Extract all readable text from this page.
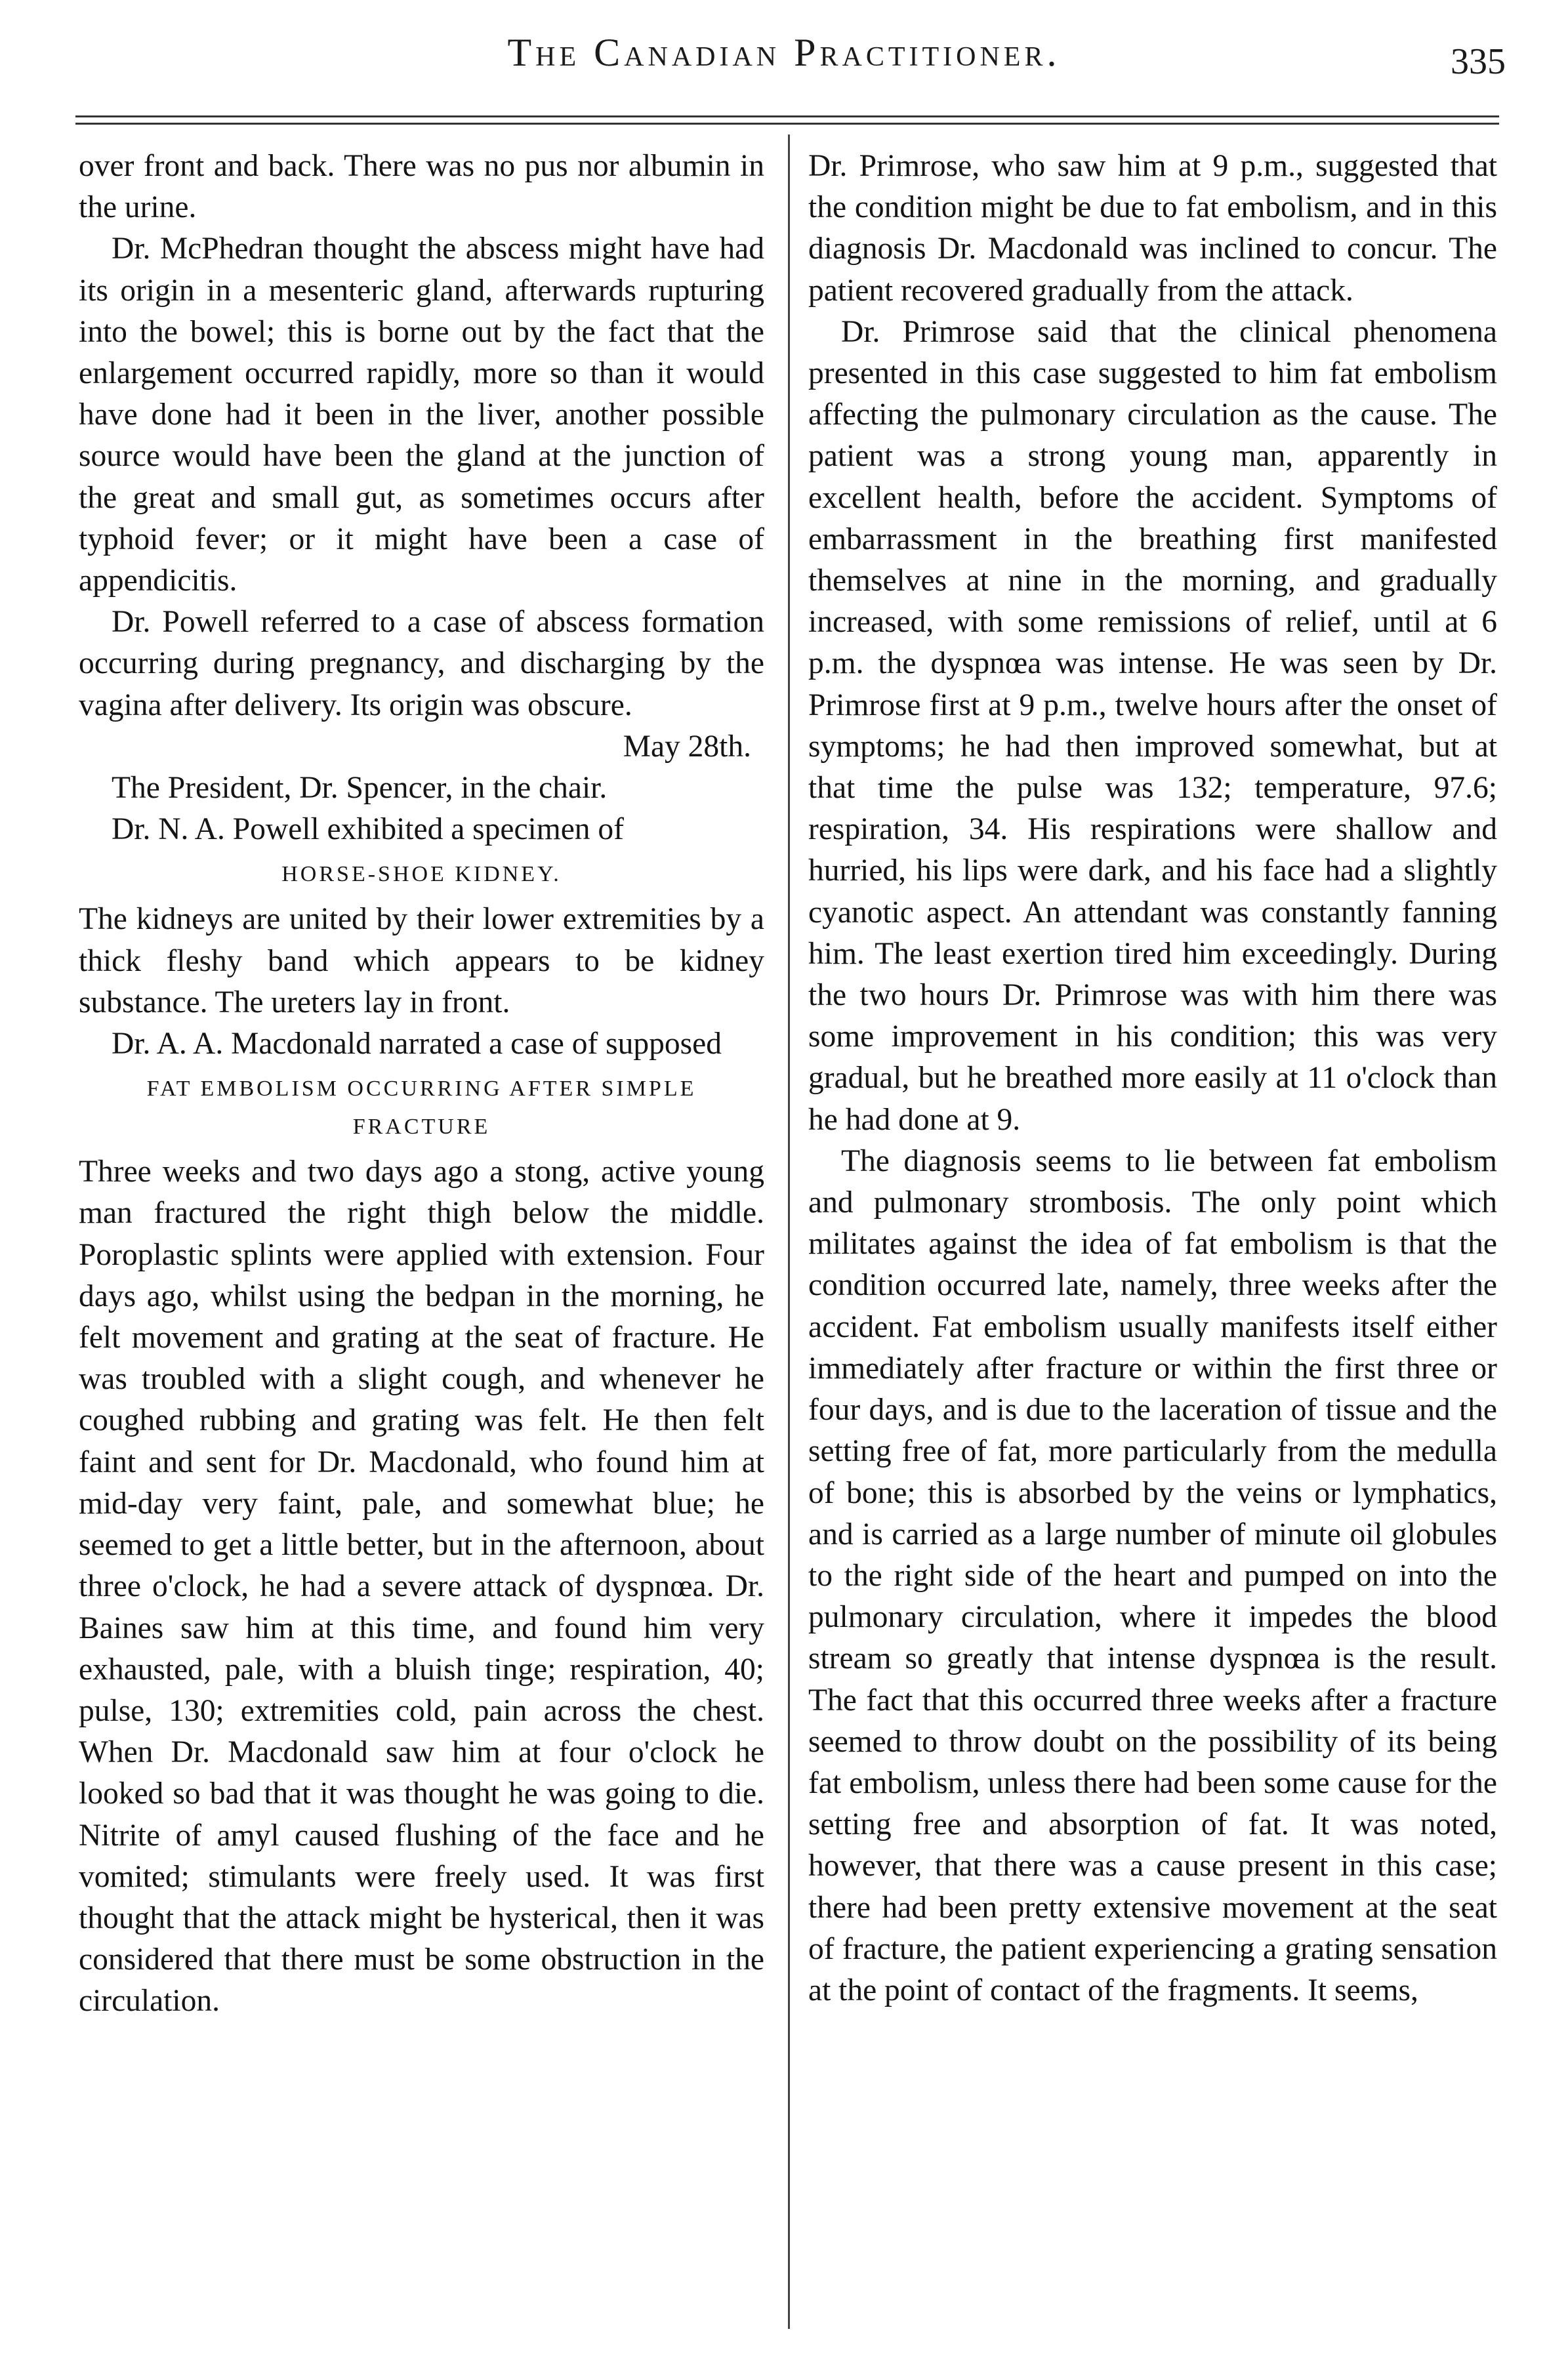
The Canadian Practitioner.	335

over front and back. There was no pus nor albumin in the urine.

Dr. McPhedran thought the abscess might have had its origin in a mesenteric gland, afterwards rupturing into the bowel; this is borne out by the fact that the enlargement occurred rapidly, more so than it would have done had it been in the liver, another possible source would have been the gland at the junction of the great and small gut, as sometimes occurs after typhoid fever; or it might have been a case of appendicitis.

Dr. Powell referred to a case of abscess formation occurring during pregnancy, and discharging by the vagina after delivery. Its origin was obscure.

May 28th.

The President, Dr. Spencer, in the chair.

Dr. N. A. Powell exhibited a specimen of

HORSE-SHOE KIDNEY.

The kidneys are united by their lower extremities by a thick fleshy band which appears to be kidney substance. The ureters lay in front.

Dr. A. A. Macdonald narrated a case of supposed

FAT EMBOLISM OCCURRING AFTER SIMPLE FRACTURE

Three weeks and two days ago a stong, active young man fractured the right thigh below the middle. Poroplastic splints were applied with extension. Four days ago, whilst using the bedpan in the morning, he felt movement and grating at the seat of fracture. He was troubled with a slight cough, and whenever he coughed rubbing and grating was felt. He then felt faint and sent for Dr. Macdonald, who found him at mid-day very faint, pale, and somewhat blue; he seemed to get a little better, but in the afternoon, about three o'clock, he had a severe attack of dyspnœa. Dr. Baines saw him at this time, and found him very exhausted, pale, with a bluish tinge; respiration, 40; pulse, 130; extremities cold, pain across the chest. When Dr. Macdonald saw him at four o'clock he looked so bad that it was thought he was going to die. Nitrite of amyl caused flushing of the face and he vomited; stimulants were freely used. It was first thought that the attack might be hysterical, then it was considered that there must be some obstruction in the circulation.

Dr. Primrose, who saw him at 9 p.m., suggested that the condition might be due to fat embolism, and in this diagnosis Dr. Macdonald was inclined to concur. The patient recovered gradually from the attack.

Dr. Primrose said that the clinical phenomena presented in this case suggested to him fat embolism affecting the pulmonary circulation as the cause. The patient was a strong young man, apparently in excellent health, before the accident. Symptoms of embarrassment in the breathing first manifested themselves at nine in the morning, and gradually increased, with some remissions of relief, until at 6 p.m. the dyspnœa was intense. He was seen by Dr. Primrose first at 9 p.m., twelve hours after the onset of symptoms; he had then improved somewhat, but at that time the pulse was 132; temperature, 97.6; respiration, 34. His respirations were shallow and hurried, his lips were dark, and his face had a slightly cyanotic aspect. An attendant was constantly fanning him. The least exertion tired him exceedingly. During the two hours Dr. Primrose was with him there was some improvement in his condition; this was very gradual, but he breathed more easily at 11 o'clock than he had done at 9.

The diagnosis seems to lie between fat embolism and pulmonary strombosis. The only point which militates against the idea of fat embolism is that the condition occurred late, namely, three weeks after the accident. Fat embolism usually manifests itself either immediately after fracture or within the first three or four days, and is due to the laceration of tissue and the setting free of fat, more particularly from the medulla of bone; this is absorbed by the veins or lymphatics, and is carried as a large number of minute oil globules to the right side of the heart and pumped on into the pulmonary circulation, where it impedes the blood stream so greatly that intense dyspnœa is the result. The fact that this occurred three weeks after a fracture seemed to throw doubt on the possibility of its being fat embolism, unless there had been some cause for the setting free and absorption of fat. It was noted, however, that there was a cause present in this case; there had been pretty extensive movement at the seat of fracture, the patient experiencing a grating sensation at the point of contact of the fragments. It seems,
